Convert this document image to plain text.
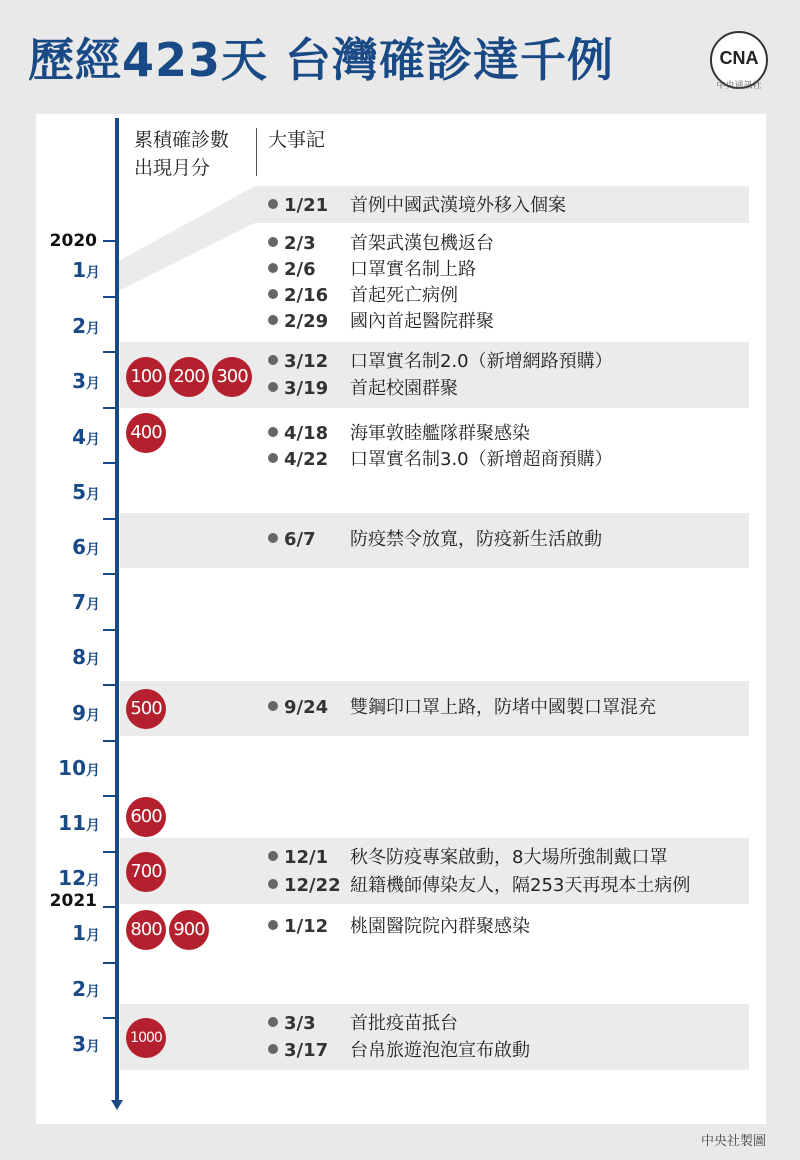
歷經423天 台灣確診達千例	CNA
中央通訊社
累積確診數
出現月分
大事記
2020
2021
1月
2月
3月
4月
5月
6月
7月
8月
9月
10月
11月
12月
1月
2月
3月
100 200 300
400
500
600
700
800 900
1000
1/21 首例中國武漢境外移入個案
2/3 首架武漢包機返台
2/6 口罩實名制上路
2/16 首起死亡病例
2/29 國內首起醫院群聚
3/12 口罩實名制2.0（新增網路預購）
3/19 首起校園群聚
4/18 海軍敦睦艦隊群聚感染
4/22 口罩實名制3.0（新增超商預購）
6/7 防疫禁令放寬，防疫新生活啟動
9/24 雙鋼印口罩上路，防堵中國製口罩混充
12/1 秋冬防疫專案啟動，8大場所強制戴口罩
12/22 紐籍機師傳染友人，隔253天再現本土病例
1/12 桃園醫院院內群聚感染
3/3 首批疫苗抵台
3/17 台帛旅遊泡泡宣布啟動
中央社製圖
